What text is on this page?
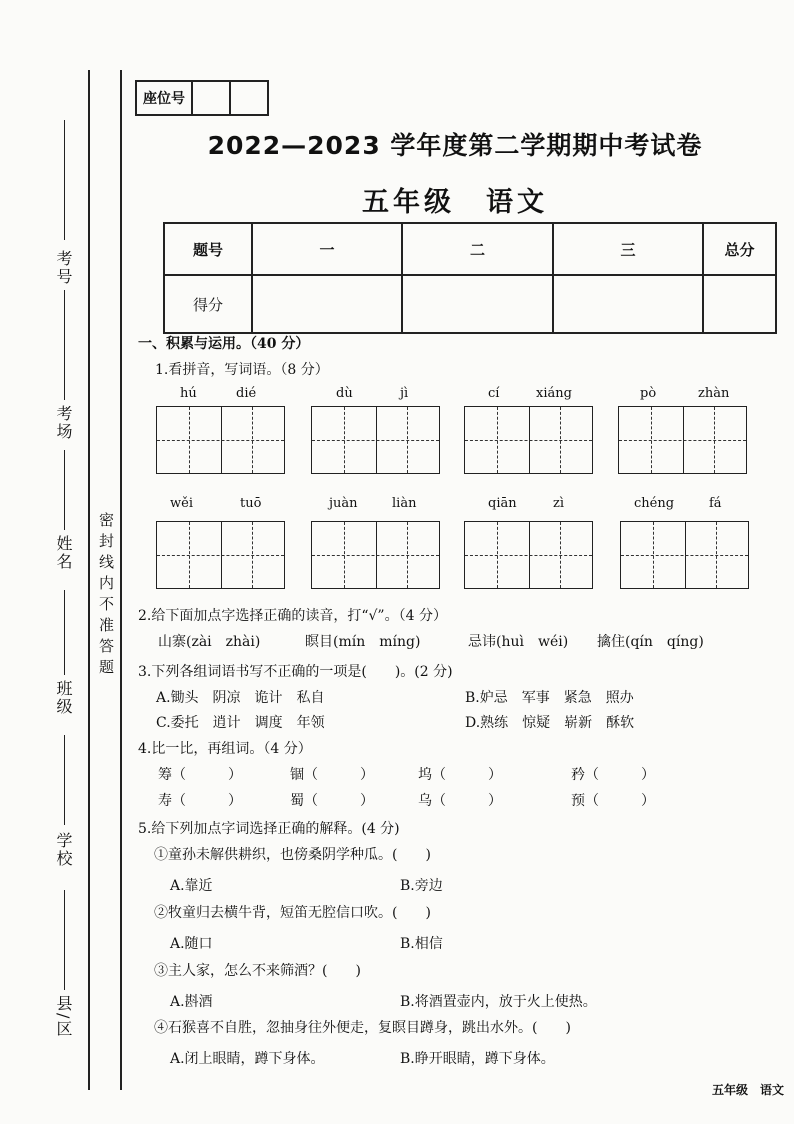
考号
考场
姓名
班级
学校
县/区
密封线内不准答题
座位号		
2022—2023 学年度第二学期期中考试卷
五年级　语文
题号	一	二	三	总分
得分				
一、积累与运用。（40 分）
1.看拼音，写词语。（8 分）
hú	dié	dù	jì	cí	xiáng	pò	zhàn
wěi	tuō	juàn	liàn	qiān	zì	chéng	fá
2.给下面加点字选择正确的读音，打“√”。（4 分）
山寨(zài　zhài)	瞑目(mín　míng)	忌讳(huì　wéi) 擒住(qín　qíng)
3.下列各组词语书写不正确的一项是(　　)。(2 分)
A.锄头　阴凉　诡计　私自	B.妒忌　军事　紧急　照办
C.委托　逍计　调度　年领	D.熟练　惊疑　崭新　酥软
4.比一比，再组词。（4 分）
筹（　　　）	锢（　　　）	坞（　　　）	矜（　　　）
寿（　　　）	蜀（　　　）	乌（　　　）	预（　　　）
5.给下列加点字词选择正确的解释。(4 分)
①童孙未解供耕织，也傍桑阴学种瓜。(　　)
A.靠近	B.旁边
②牧童归去横牛背，短笛无腔信口吹。(　　)
A.随口	B.相信
③主人家，怎么不来筛酒？(　　)
A.斟酒	B.将酒置壶内，放于火上使热。
④石猴喜不自胜，忽抽身往外便走，复瞑目蹲身，跳出水外。(　　)
A.闭上眼睛，蹲下身体。	B.睁开眼睛，蹲下身体。
五年级　语文
